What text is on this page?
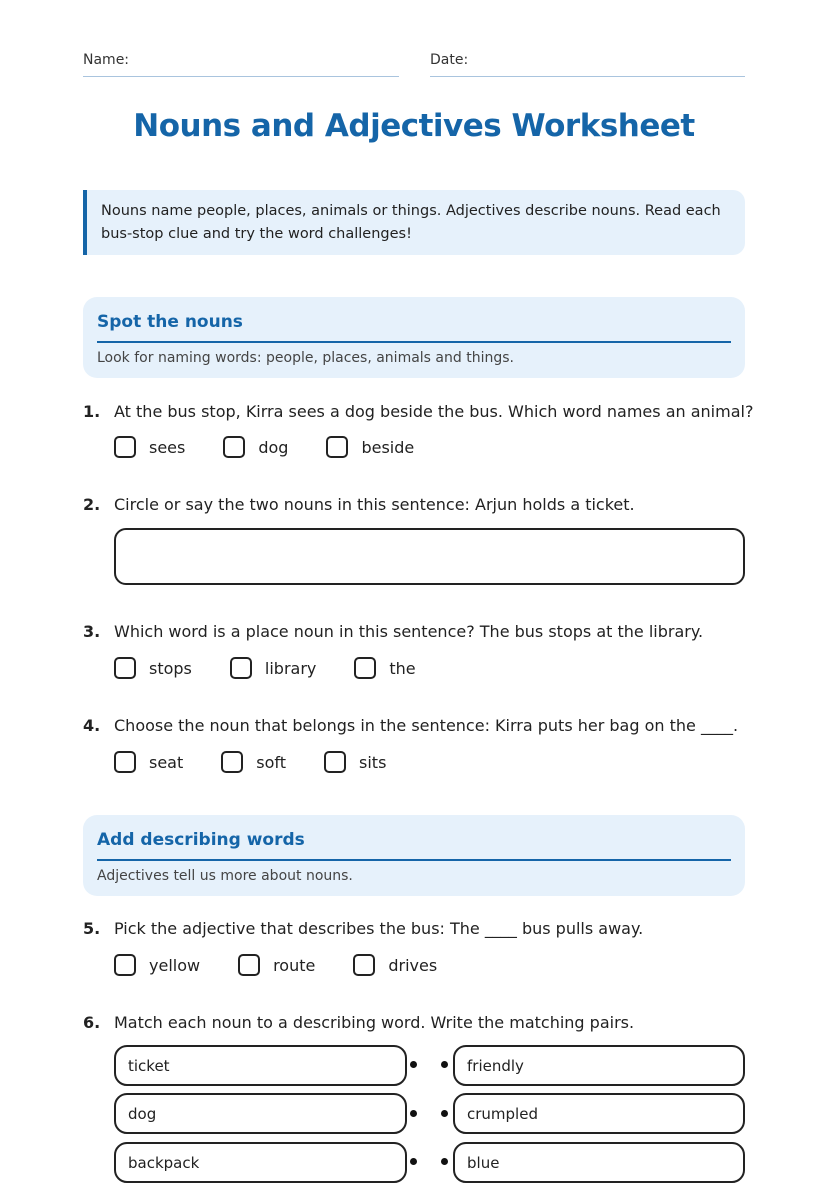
Name:	Date:
Nouns and Adjectives Worksheet
Nouns name people, places, animals or things. Adjectives describe nouns. Read each bus-stop clue and try the word challenges!
Spot the nouns
Look for naming words: people, places, animals and things.
1. At the bus stop, Kirra sees a dog beside the bus. Which word names an animal?
sees	dog	beside
2. Circle or say the two nouns in this sentence: Arjun holds a ticket.
3. Which word is a place noun in this sentence? The bus stops at the library.
stops	library	the
4. Choose the noun that belongs in the sentence: Kirra puts her bag on the ____.
seat	soft	sits
Add describing words
Adjectives tell us more about nouns.
5. Pick the adjective that describes the bus: The ____ bus pulls away.
yellow	route	drives
6. Match each noun to a describing word. Write the matching pairs.
ticket	friendly
dog	crumpled
backpack	blue
